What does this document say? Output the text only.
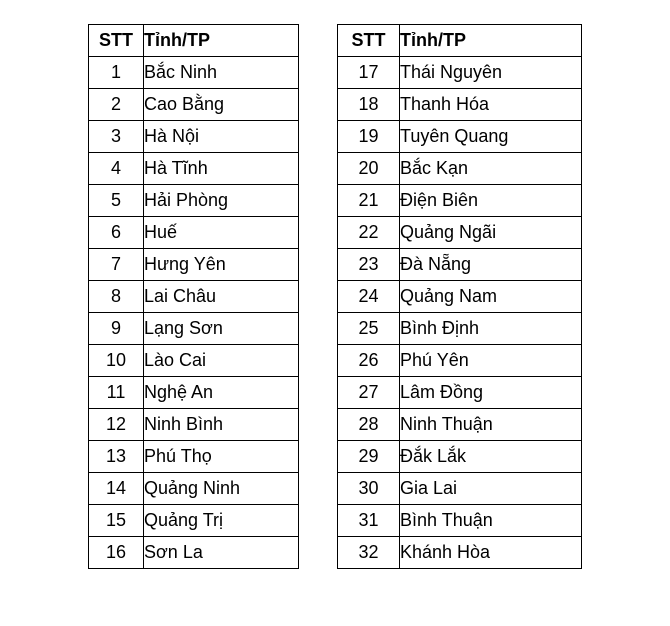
STT	Tỉnh/TP
1	Bắc Ninh
2	Cao Bằng
3	Hà Nội
4	Hà Tĩnh
5	Hải Phòng
6	Huế
7	Hưng Yên
8	Lai Châu
9	Lạng Sơn
10	Lào Cai
11	Nghệ An
12	Ninh Bình
13	Phú Thọ
14	Quảng Ninh
15	Quảng Trị
16	Sơn La
STT	Tỉnh/TP
17	Thái Nguyên
18	Thanh Hóa
19	Tuyên Quang
20	Bắc Kạn
21	Điện Biên
22	Quảng Ngãi
23	Đà Nẵng
24	Quảng Nam
25	Bình Định
26	Phú Yên
27	Lâm Đồng
28	Ninh Thuận
29	Đắk Lắk
30	Gia Lai
31	Bình Thuận
32	Khánh Hòa
